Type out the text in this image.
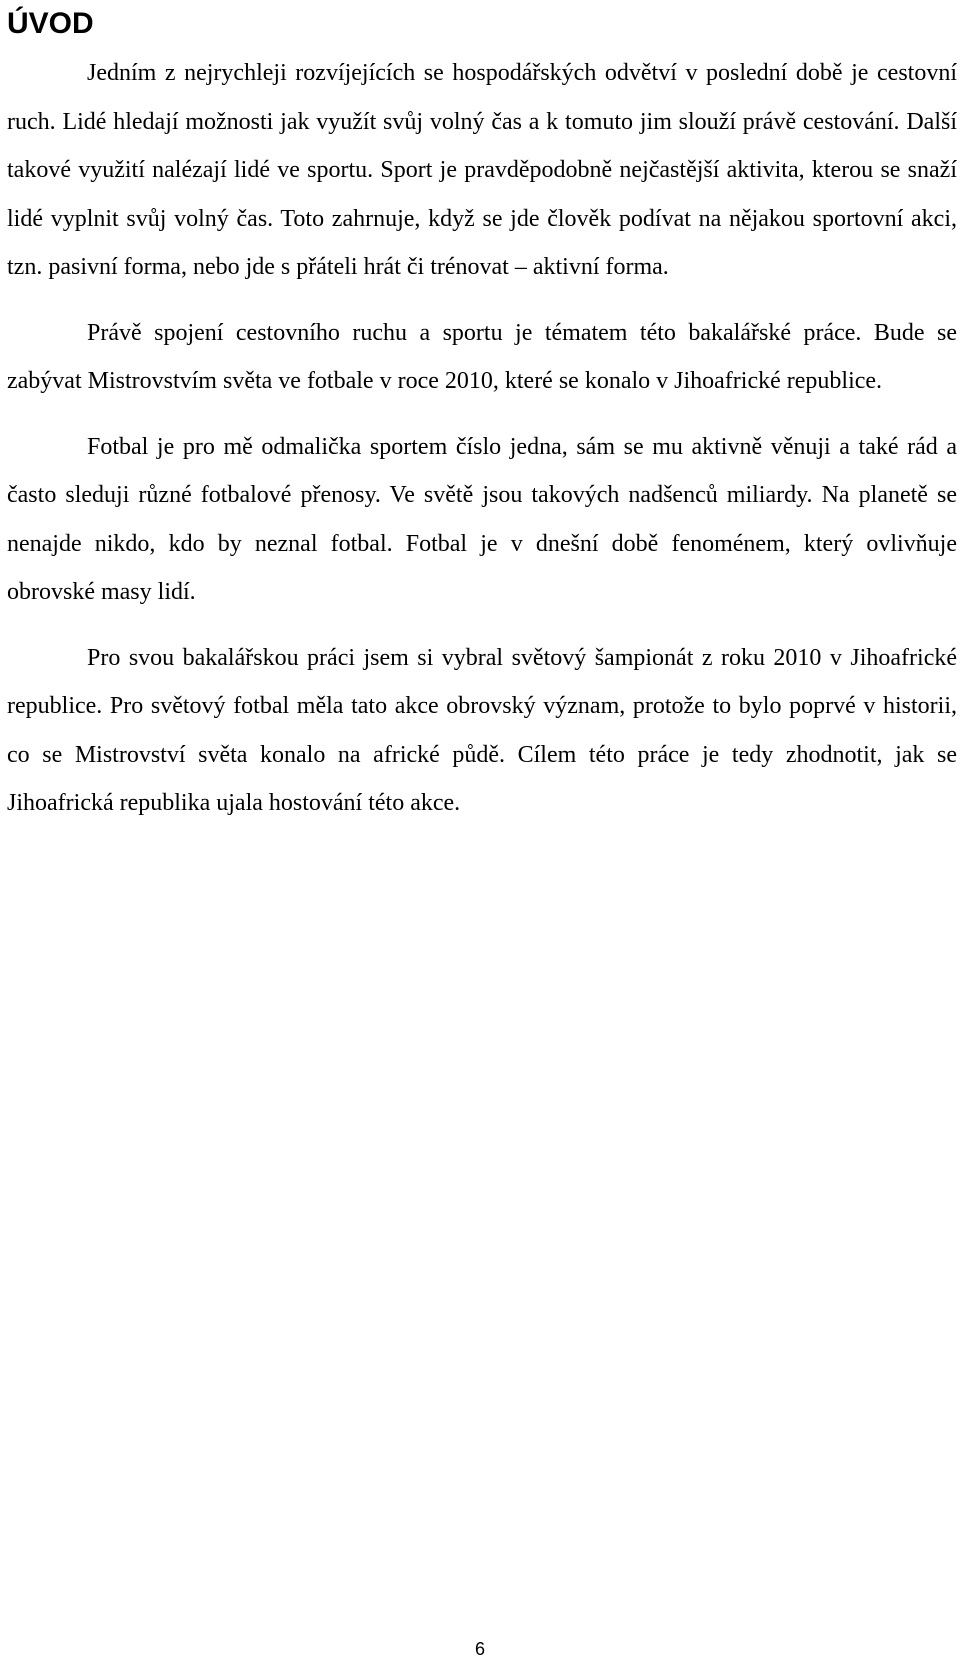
ÚVOD

Jedním z nejrychleji rozvíjejících se hospodářských odvětví v poslední době je cestovní ruch. Lidé hledají možnosti jak využít svůj volný čas a k tomuto jim slouží právě cestování. Další takové využití nalézají lidé ve sportu. Sport je pravděpodobně nejčastější aktivita, kterou se snaží lidé vyplnit svůj volný čas. Toto zahrnuje, když se jde člověk podívat na nějakou sportovní akci, tzn. pasivní forma, nebo jde s přáteli hrát či trénovat – aktivní forma.

Právě spojení cestovního ruchu a sportu je tématem této bakalářské práce. Bude se zabývat Mistrovstvím světa ve fotbale v roce 2010, které se konalo v Jihoafrické republice.

Fotbal je pro mě odmalička sportem číslo jedna, sám se mu aktivně věnuji a také rád a často sleduji různé fotbalové přenosy. Ve světě jsou takových nadšenců miliardy. Na planetě se nenajde nikdo, kdo by neznal fotbal. Fotbal je v dnešní době fenoménem, který ovlivňuje obrovské masy lidí.

Pro svou bakalářskou práci jsem si vybral světový šampionát z roku 2010 v Jihoafrické republice. Pro světový fotbal měla tato akce obrovský význam, protože to bylo poprvé v historii, co se Mistrovství světa konalo na africké půdě. Cílem této práce je tedy zhodnotit, jak se Jihoafrická republika ujala hostování této akce.

6
